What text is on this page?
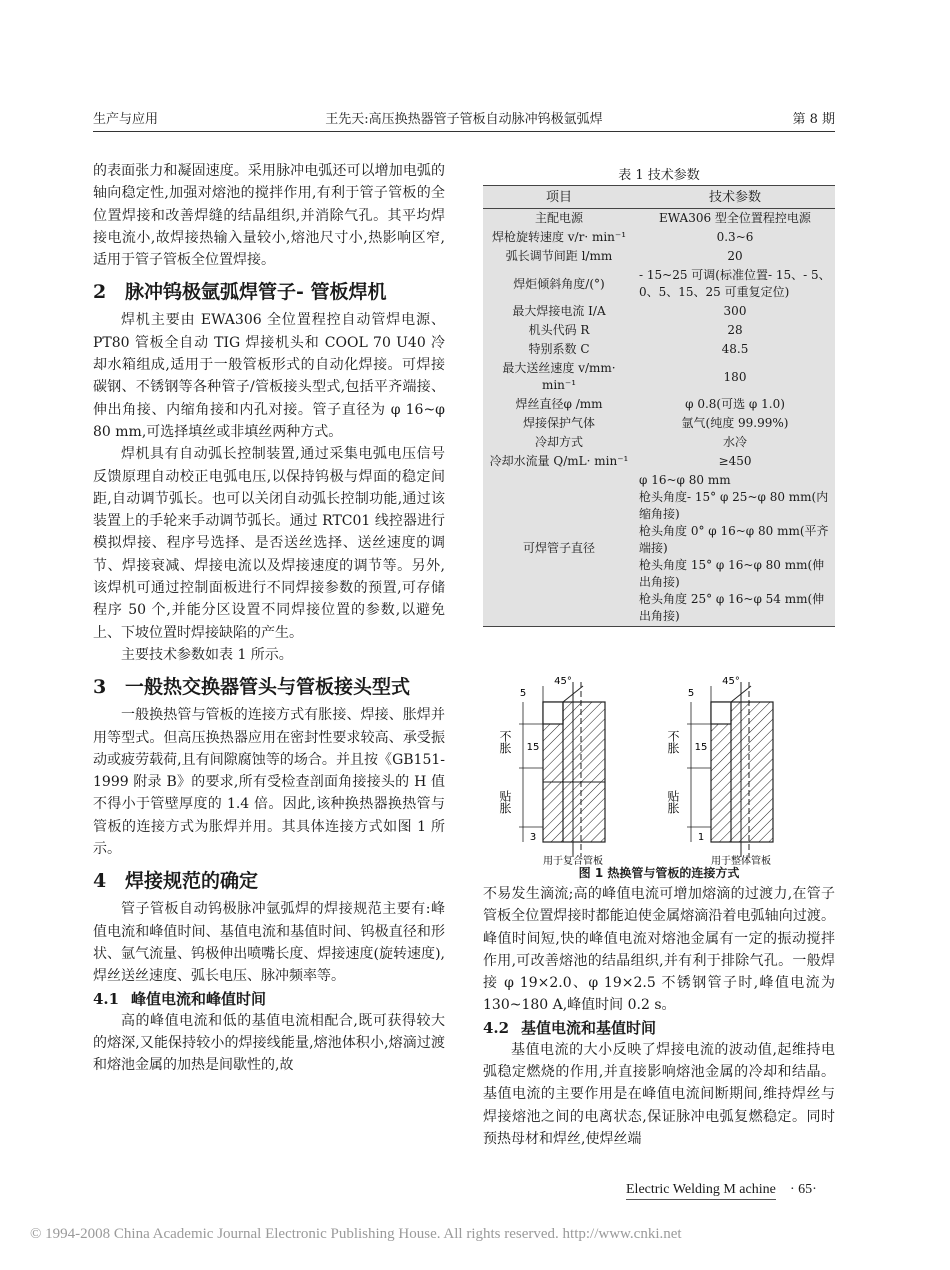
生产与应用	王先天:高压换热器管子管板自动脉冲钨极氩弧焊	第 8 期

的表面张力和凝固速度。采用脉冲电弧还可以增加电弧的轴向稳定性,加强对熔池的搅拌作用,有利于管子管板的全位置焊接和改善焊缝的结晶组织,并消除气孔。其平均焊接电流小,故焊接热输入量较小,熔池尺寸小,热影响区窄,适用于管子管板全位置焊接。

2 脉冲钨极氩弧焊管子- 管板焊机

焊机主要由 EWA306 全位置程控自动管焊电源、PT80 管板全自动 TIG 焊接机头和 COOL 70 U40 冷却水箱组成,适用于一般管板形式的自动化焊接。可焊接碳钢、不锈钢等各种管子/管板接头型式,包括平齐端接、伸出角接、内缩角接和内孔对接。管子直径为 φ 16~φ 80 mm,可选择填丝或非填丝两种方式。

焊机具有自动弧长控制装置,通过采集电弧电压信号反馈原理自动校正电弧电压,以保持钨极与焊面的稳定间距,自动调节弧长。也可以关闭自动弧长控制功能,通过该装置上的手轮来手动调节弧长。通过 RTC01 线控器进行模拟焊接、程序号选择、是否送丝选择、送丝速度的调节、焊接衰减、焊接电流以及焊接速度的调节等。另外,该焊机可通过控制面板进行不同焊接参数的预置,可存储程序 50 个,并能分区设置不同焊接位置的参数,以避免上、下坡位置时焊接缺陷的产生。

主要技术参数如表 1 所示。

3 一般热交换器管头与管板接头型式

一般换热管与管板的连接方式有胀接、焊接、胀焊并用等型式。但高压换热器应用在密封性要求较高、承受振动或疲劳载荷,且有间隙腐蚀等的场合。并且按《GB151- 1999 附录 B》的要求,所有受检查剖面角接接头的 H 值不得小于管壁厚度的 1.4 倍。因此,该种换热器换热管与管板的连接方式为胀焊并用。其具体连接方式如图 1 所示。

4 焊接规范的确定

管子管板自动钨极脉冲氩弧焊的焊接规范主要有:峰值电流和峰值时间、基值电流和基值时间、钨极直径和形状、氩气流量、钨极伸出喷嘴长度、焊接速度(旋转速度),焊丝送丝速度、弧长电压、脉冲频率等。

4.1 峰值电流和峰值时间

高的峰值电流和低的基值电流相配合,既可获得较大的熔深,又能保持较小的焊接线能量,熔池体积小,熔滴过渡和熔池金属的加热是间歇性的,故

表 1 技术参数
项目	技术参数
主配电源	EWA306 型全位置程控电源
焊枪旋转速度 v/r· min⁻¹	0.3~6
弧长调节间距 l/mm	20
焊炬倾斜角度/(°)	- 15~25 可调(标准位置- 15、- 5、0、5、15、25 可重复定位)
最大焊接电流 I/A	300
机头代码 R	28
特别系数 C	48.5
最大送丝速度 v/mm· min⁻¹	180
焊丝直径φ /mm	φ 0.8(可选 φ 1.0)
焊接保护气体	氩气(纯度 99.99%)
冷却方式	水冷
冷却水流量 Q/mL· min⁻¹	≥450
可焊管子直径	φ 16~φ 80 mm
枪头角度- 15° φ 25~φ 80 mm(内缩角接)
枪头角度 0° φ 16~φ 80 mm(平齐端接)
枪头角度 15° φ 16~φ 80 mm(伸出角接)
枪头角度 25° φ 16~φ 54 mm(伸出角接)
5
15
3
45°
不胀
贴胀
用于复合管板
5
15
1
45°
不胀
贴胀
用于整体管板
图 1 热换管与管板的连接方式

不易发生滴流;高的峰值电流可增加熔滴的过渡力,在管子管板全位置焊接时都能迫使金属熔滴沿着电弧轴向过渡。峰值时间短,快的峰值电流对熔池金属有一定的振动搅拌作用,可改善熔池的结晶组织,并有利于排除气孔。一般焊接 φ 19×2.0、φ 19×2.5 不锈钢管子时,峰值电流为 130~180 A,峰值时间 0.2 s。

4.2 基值电流和基值时间

基值电流的大小反映了焊接电流的波动值,起维持电弧稳定燃烧的作用,并直接影响熔池金属的冷却和结晶。基值电流的主要作用是在峰值电流间断期间,维持焊丝与焊接熔池之间的电离状态,保证脉冲电弧复燃稳定。同时预热母材和焊丝,使焊丝端

Electric Welding M achine · 65·
© 1994-2008 China Academic Journal Electronic Publishing House. All rights reserved. http://www.cnki.net
